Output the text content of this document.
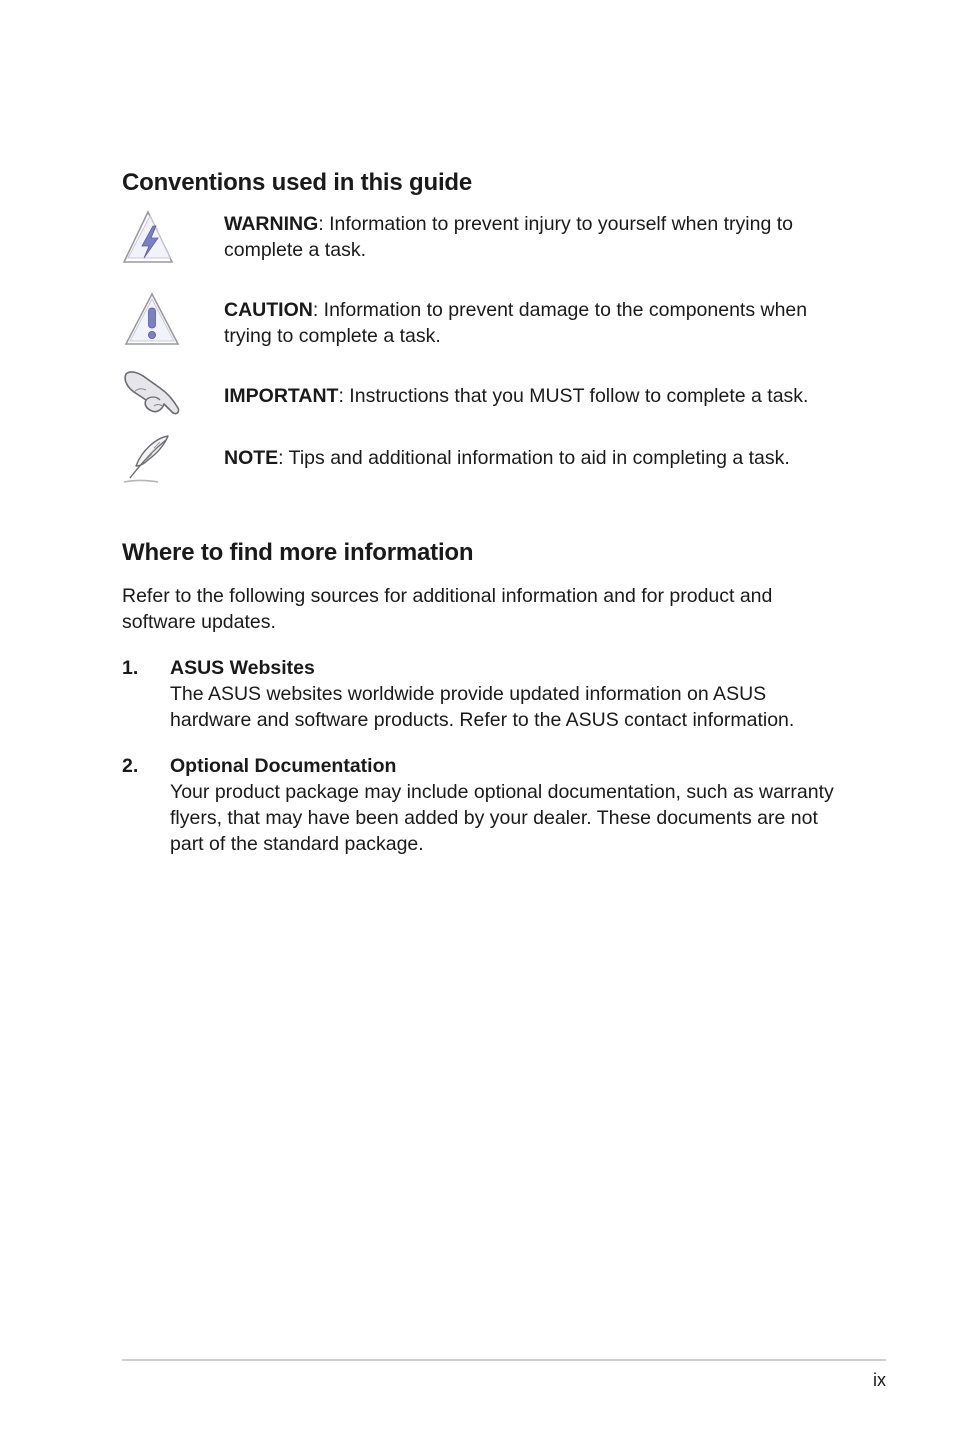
Conventions used in this guide

WARNING: Information to prevent injury to yourself when trying to complete a task.

CAUTION: Information to prevent damage to the components when trying to complete a task.

IMPORTANT: Instructions that you MUST follow to complete a task.

NOTE: Tips and additional information to aid in completing a task.

Where to find more information

Refer to the following sources for additional information and for product and software updates.

1. ASUS Websites
The ASUS websites worldwide provide updated information on ASUS hardware and software products. Refer to the ASUS contact information.
2. Optional Documentation
Your product package may include optional documentation, such as warranty flyers, that may have been added by your dealer. These documents are not part of the standard package.
ix
